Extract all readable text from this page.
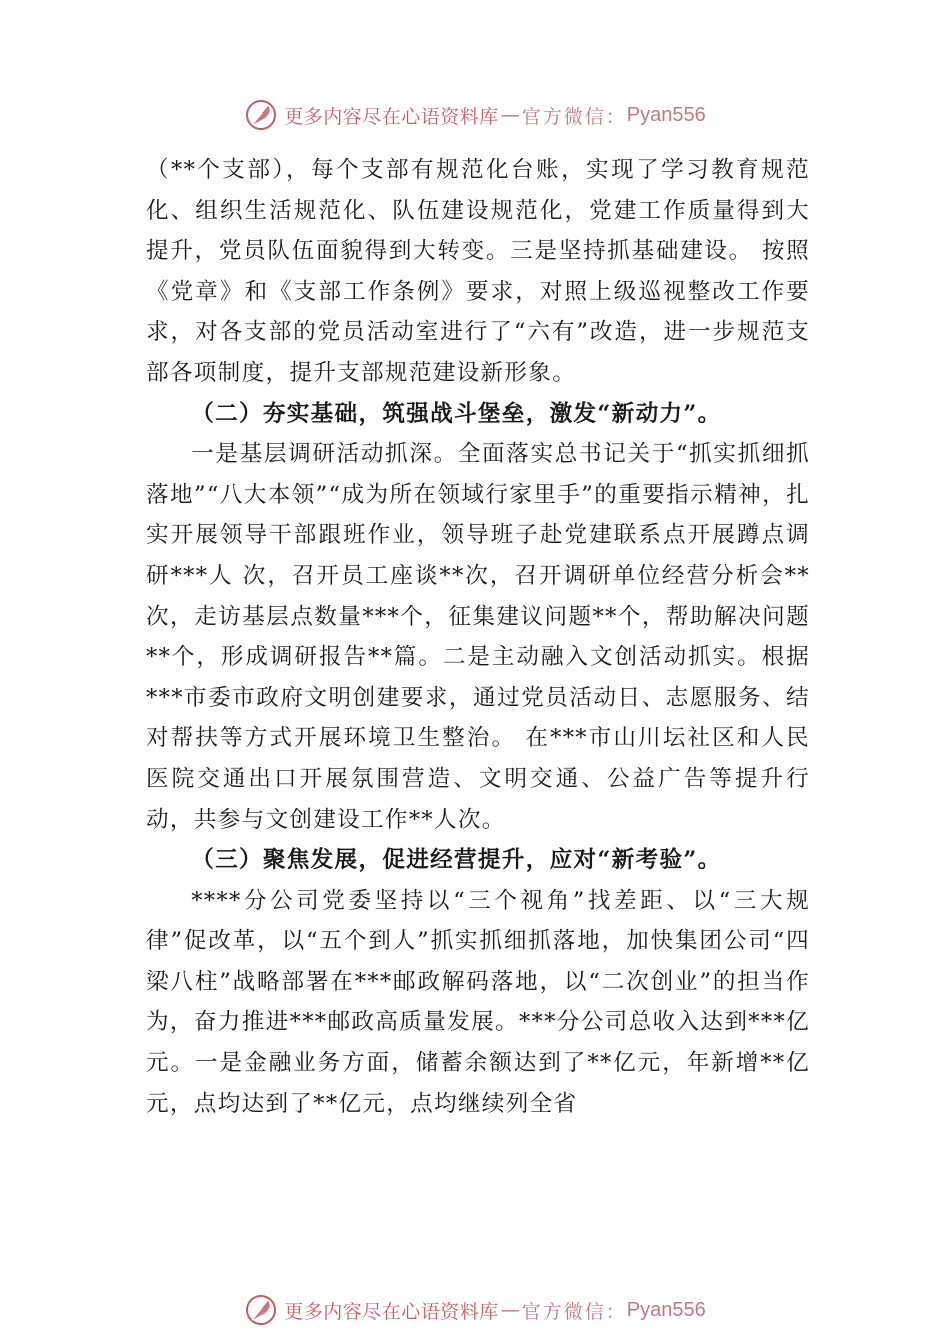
更多内容尽在心语资料库 — 官方微信： Pyan556

（**个支部），每个支部有规范化台账，实现了学习教育规范化、组织生活规范化、队伍建设规范化，党建工作质量得到大提升，党员队伍面貌得到大转变。三是坚持抓基础建设。 按照《党章》和《支部工作条例》要求，对照上级巡视整改工作要求，对各支部的党员活动室进行了“六有”改造，进一步规范支部各项制度，提升支部规范建设新形象。

（二）夯实基础，筑强战斗堡垒，激发“新动力”。

一是基层调研活动抓深。全面落实总书记关于“抓实抓细抓落地”“八大本领”“成为所在领域行家里手”的重要指示精神，扎实开展领导干部跟班作业，领导班子赴党建联系点开展蹲点调研***人 次，召开员工座谈**次，召开调研单位经营分析会** 次，走访基层点数量***个，征集建议问题**个，帮助解决问题**个，形成调研报告**篇。二是主动融入文创活动抓实。根据***市委市政府文明创建要求，通过党员活动日、志愿服务、结对帮扶等方式开展环境卫生整治。 在***市山川坛社区和人民医院交通出口开展氛围营造、文明交通、公益广告等提升行动，共参与文创建设工作**人次。

（三）聚焦发展，促进经营提升，应对“新考验”。

****分公司党委坚持以“三个视角”找差距、以“三大规律”促改革，以“五个到人”抓实抓细抓落地，加快集团公司“四梁八柱”战略部署在***邮政解码落地，以“二次创业”的担当作为，奋力推进***邮政高质量发展。***分公司总收入达到***亿元。一是金融业务方面，储蓄余额达到了**亿元，年新增**亿元，点均达到了**亿元，点均继续列全省

更多内容尽在心语资料库 — 官方微信： Pyan556
